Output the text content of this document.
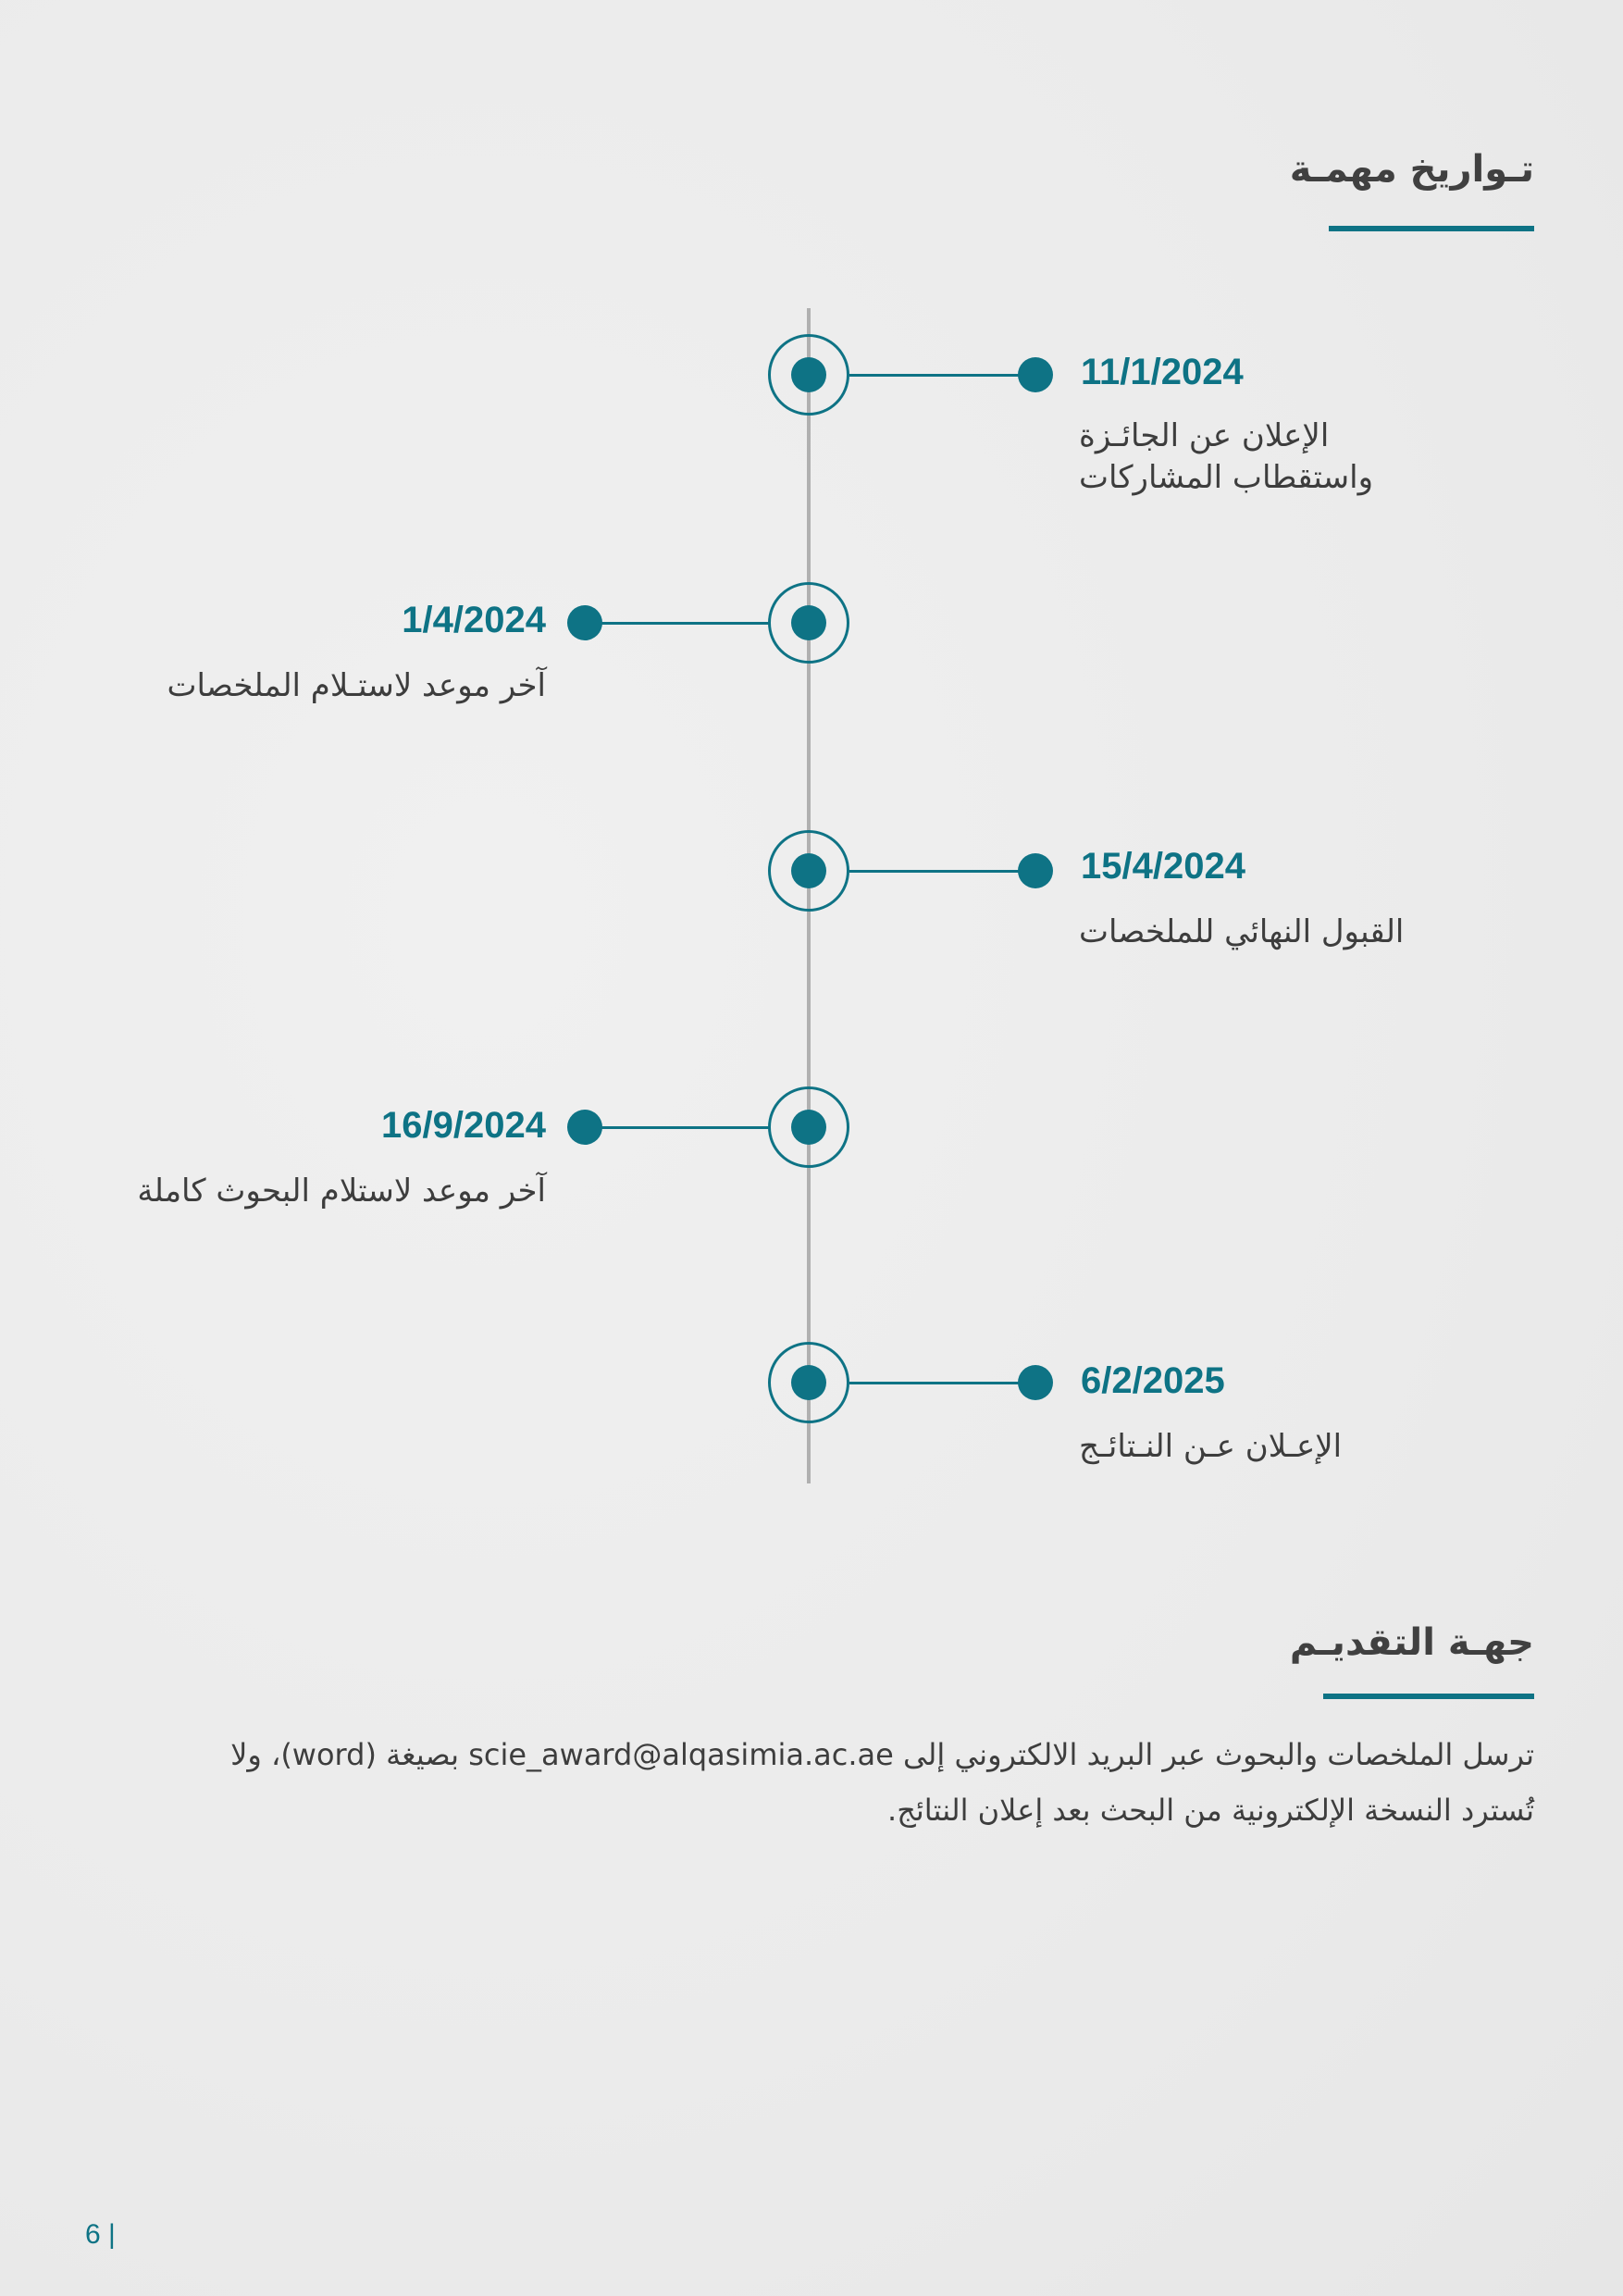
تـواريخ مهمـة
11/1/2024
الإعلان عن الجائـزة
واستقطاب المشاركات
1/4/2024
آخر موعد لاستـلام الملخصات
15/4/2024
القبول النهائي للملخصات
16/9/2024
آخر موعد لاستلام البحوث كاملة
6/2/2025
الإعـلان عـن النـتائـج
جهـة التقديـم
ترسل الملخصات والبحوث عبر البريد الالكتروني إلى scie_award@alqasimia.ac.ae بصيغة (word)، ولا
تُسترد النسخة الإلكترونية من البحث بعد إعلان النتائج.
6 |
